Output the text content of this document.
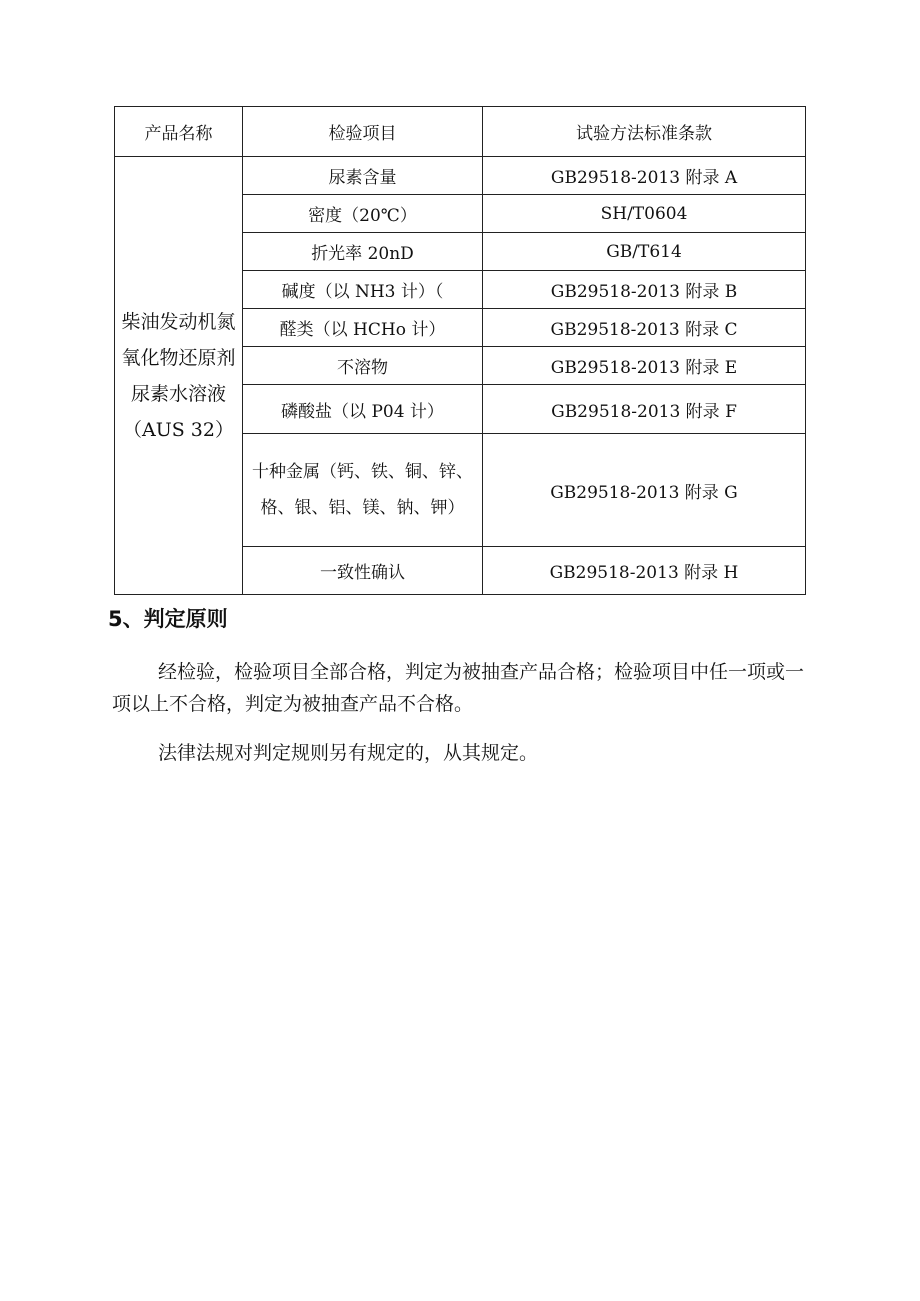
产品名称	检验项目	试验方法标准条款
柴油发动机氮氧化物还原剂尿素水溶液（AUS 32）	尿素含量	GB29518-2013 附录 A
	密度（20℃）	SH/T0604
	折光率 20nD	GB/T614
	碱度（以 NH3 计）（	GB29518-2013 附录 B
	醛类（以 HCHo 计）	GB29518-2013 附录 C
	不溶物	GB29518-2013 附录 E
	磷酸盐（以 P04 计）	GB29518-2013 附录 F
	十种金属（钙、铁、铜、锌、格、银、铝、镁、钠、钾）	GB29518-2013 附录 G
	一致性确认	GB29518-2013 附录 H
5、判定原则

经检验，检验项目全部合格，判定为被抽查产品合格；检验项目中任一项或一项以上不合格，判定为被抽查产品不合格。

法律法规对判定规则另有规定的，从其规定。
